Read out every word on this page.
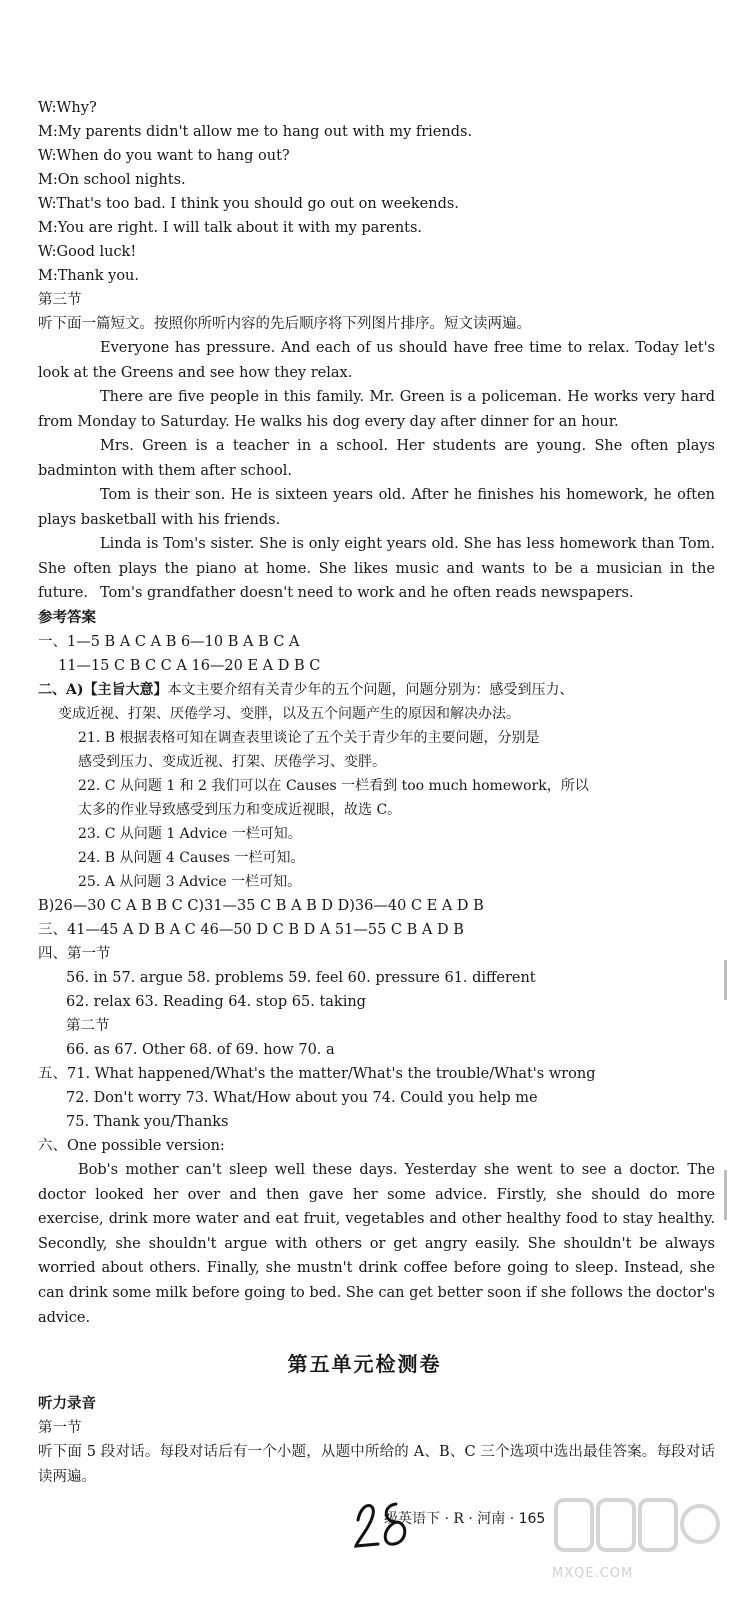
W:Why?
M:My parents didn't allow me to hang out with my friends.
W:When do you want to hang out?
M:On school nights.
W:That's too bad. I think you should go out on weekends.
M:You are right. I will talk about it with my parents.
W:Good luck!
M:Thank you.
第三节
听下面一篇短文。按照你所听内容的先后顺序将下列图片排序。短文读两遍。
Everyone has pressure. And each of us should have free time to relax. Today let's look at the Greens and see how they relax.
There are five people in this family. Mr. Green is a policeman. He works very hard from Monday to Saturday. He walks his dog every day after dinner for an hour.
Mrs. Green is a teacher in a school. Her students are young. She often plays badminton with them after school.
Tom is their son. He is sixteen years old. After he finishes his homework, he often plays basketball with his friends.
Linda is Tom's sister. She is only eight years old. She has less homework than Tom. She often plays the piano at home. She likes music and wants to be a musician in the future. Tom's grandfather doesn't need to work and he often reads newspapers.
参考答案
一、1—5 B A C A B 6—10 B A B C A
11—15 C B C C A 16—20 E A D B C
二、A)【主旨大意】本文主要介绍有关青少年的五个问题，问题分别为：感受到压力、
变成近视、打架、厌倦学习、变胖，以及五个问题产生的原因和解决办法。
21. B 根据表格可知在调查表里谈论了五个关于青少年的主要问题，分别是
感受到压力、变成近视、打架、厌倦学习、变胖。
22. C 从问题 1 和 2 我们可以在 Causes 一栏看到 too much homework，所以
太多的作业导致感受到压力和变成近视眼，故选 C。
23. C 从问题 1 Advice 一栏可知。
24. B 从问题 4 Causes 一栏可知。
25. A 从问题 3 Advice 一栏可知。
B)26—30 C A B B C C)31—35 C B A B D D)36—40 C E A D B
三、41—45 A D B A C 46—50 D C B D A 51—55 C B A D B
四、第一节
56. in 57. argue 58. problems 59. feel 60. pressure 61. different
62. relax 63. Reading 64. stop 65. taking
第二节
66. as 67. Other 68. of 69. how 70. a
五、71. What happened/What's the matter/What's the trouble/What's wrong
72. Don't worry 73. What/How about you 74. Could you help me
75. Thank you/Thanks
六、One possible version:
Bob's mother can't sleep well these days. Yesterday she went to see a doctor. The doctor looked her over and then gave her some advice. Firstly, she should do more exercise, drink more water and eat fruit, vegetables and other healthy food to stay healthy. Secondly, she shouldn't argue with others or get angry easily. She shouldn't be always worried about others. Finally, she mustn't drink coffee before going to sleep. Instead, she can drink some milk before going to bed. She can get better soon if she follows the doctor's advice.
第五单元检测卷
听力录音
第一节
听下面 5 段对话。每段对话后有一个小题，从题中所给的 A、B、C 三个选项中选出最佳答案。每段对话读两遍。
级英语下 · R · 河南 · 165
MXQE.COM
